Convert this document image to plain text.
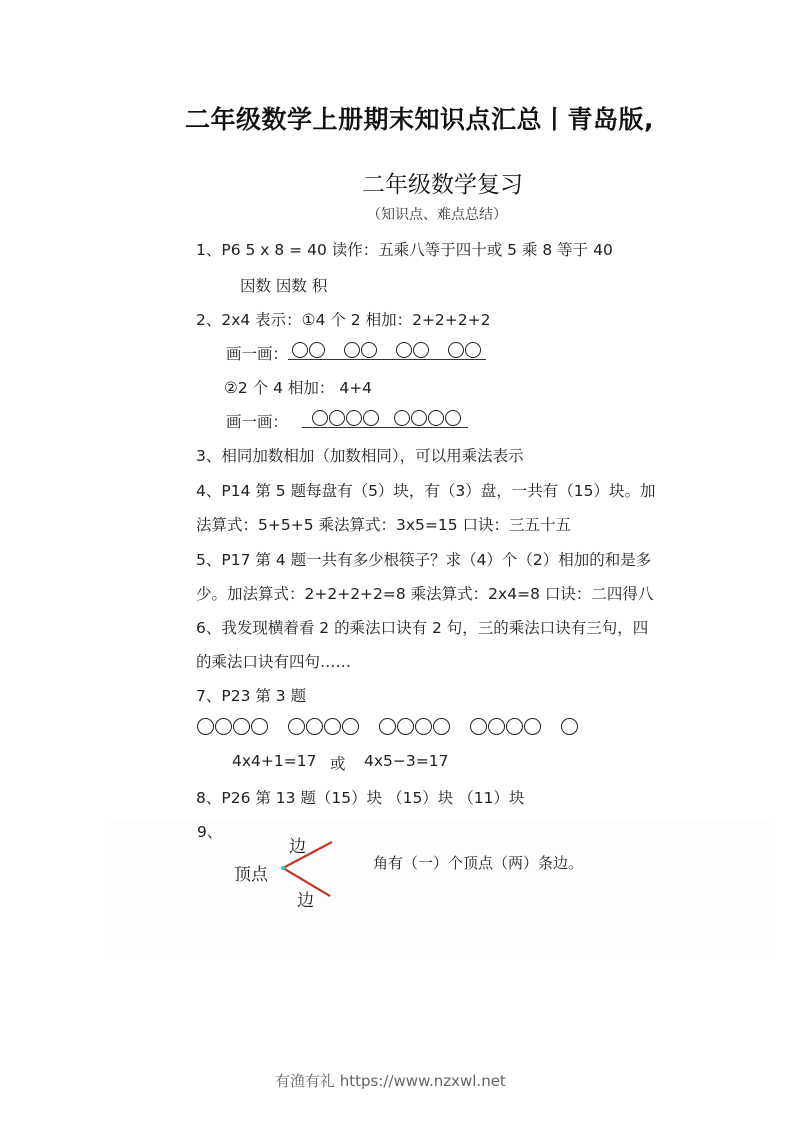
二年级数学上册期末知识点汇总丨青岛版,
二年级数学复习
（知识点、难点总结）
1、P6 5 x 8 = 40 读作：五乘八等于四十或 5 乘 8 等于 40
因数 因数 积
2、2x4 表示：①4 个 2 相加：2+2+2+2
画一画：
②2 个 4 相加： 4+4
画一画：
3、相同加数相加（加数相同），可以用乘法表示
4、P14 第 5 题每盘有（5）块，有（3）盘，一共有（15）块。加
法算式：5+5+5 乘法算式：3x5=15 口诀：三五十五
5、P17 第 4 题一共有多少根筷子？求（4）个（2）相加的和是多
少。加法算式：2+2+2+2=8 乘法算式：2x4=8 口诀：二四得八
6、我发现横着看 2 的乘法口诀有 2 句，三的乘法口诀有三句，四
的乘法口诀有四句……
7、P23 第 3 题
4x4+1=17 或 4x5−3=17
8、P26 第 13 题（15）块 （15）块 （11）块
9、
顶点
边
边
角有（一）个顶点（两）条边。
有渔有礼 https://www.nzxwl.net
